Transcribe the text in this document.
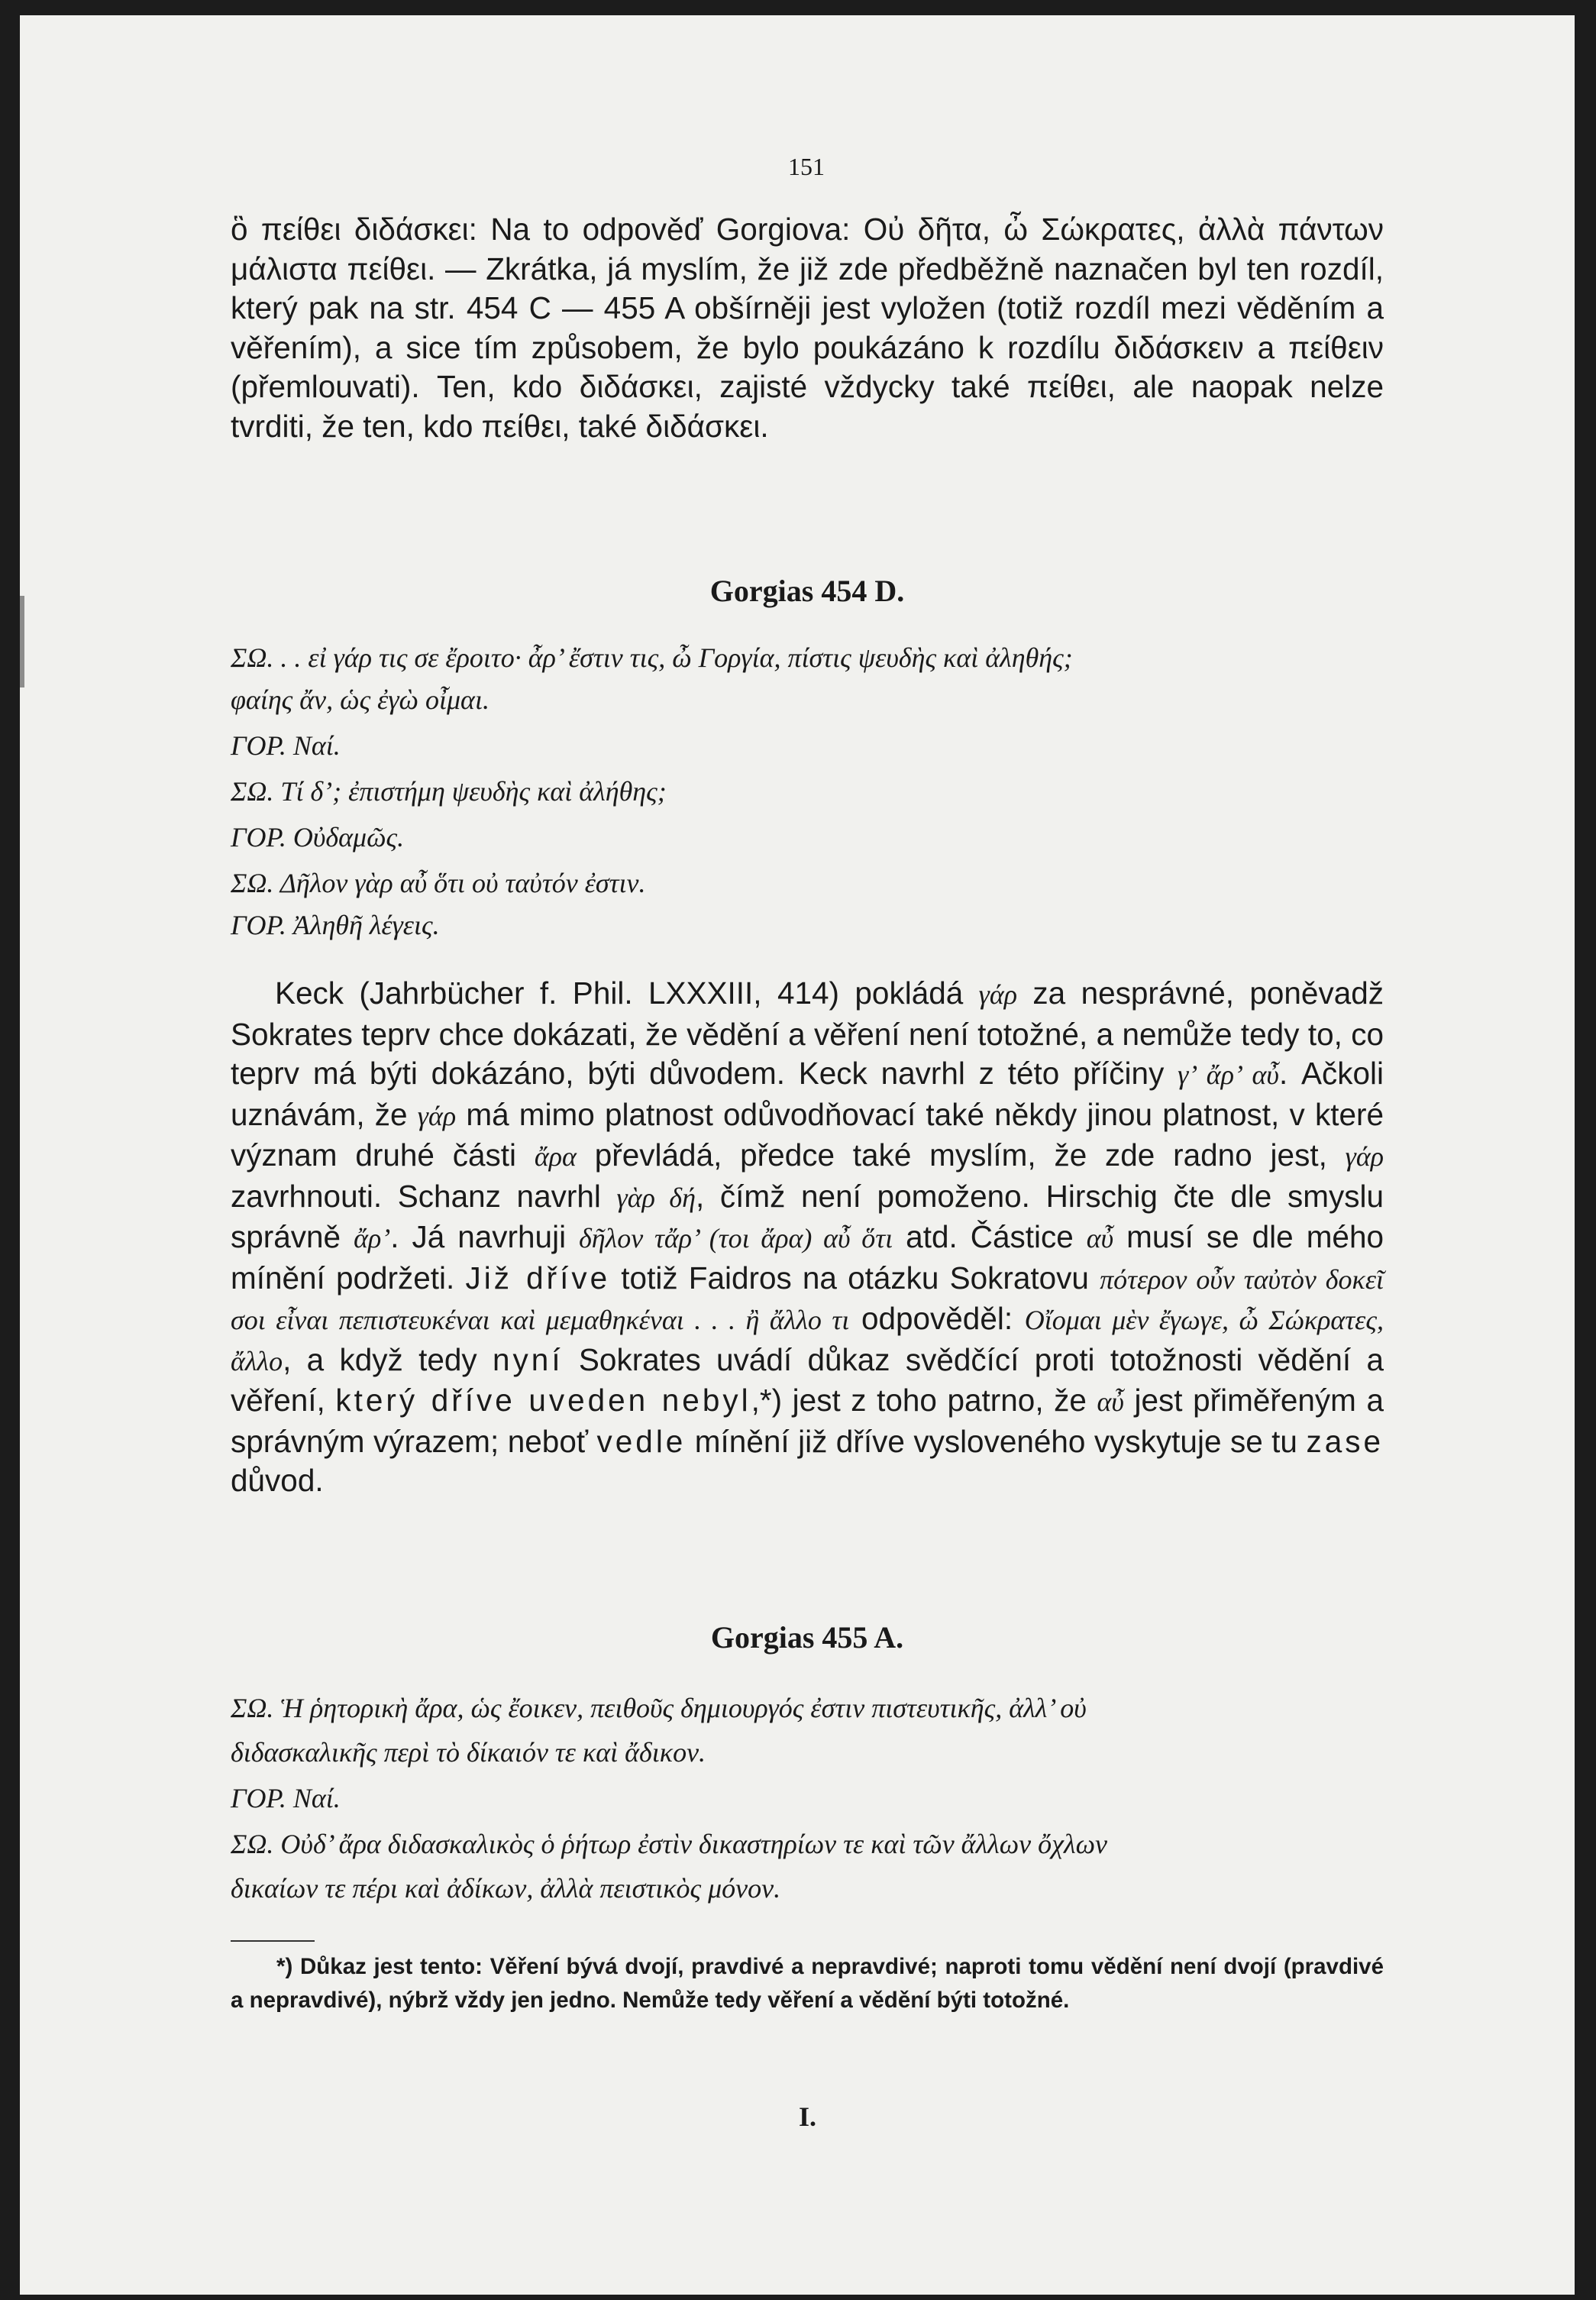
151

ὃ πείθει διδάσκει: Na to odpověď Gorgiova: Οὐ δῆτα, ὦ Σώκρατες, ἀλλὰ πάντων μάλιστα πείθει. — Zkrátka, já myslím, že již zde předběžně naznačen byl ten rozdíl, který pak na str. 454 C — 455 A obšírněji jest vyložen (totiž rozdíl mezi věděním a věřením), a sice tím způsobem, že bylo poukázáno k rozdílu διδάσκειν a πείθειν (přemlouvati). Ten, kdo διδάσκει, zajisté vždycky také πείθει, ale naopak nelze tvrditi, že ten, kdo πείθει, také διδάσκει.

Gorgias 454 D.
ΣΩ. . . εἰ γάρ τις σε ἔροιτο· ἆρ’ ἔστιν τις, ὦ Γοργία, πίστις ψευδὴς καὶ ἀληθής;
φαίης ἄν, ὡς ἐγὼ οἶμαι.
ΓΟΡ. Ναί.
ΣΩ. Τί δ’; ἐπιστήμη ψευδὴς καὶ ἀλήθης;
ΓΟΡ. Οὐδαμῶς.
ΣΩ. Δῆλον γὰρ αὖ ὅτι οὐ ταὐτόν ἐστιν.
ΓΟΡ. Ἀληθῆ λέγεις.

Keck (Jahrbücher f. Phil. LXXXIII, 414) pokládá γάρ za nesprávné, poněvadž Sokrates teprv chce dokázati, že vědění a věření není totožné, a nemůže tedy to, co teprv má býti dokázáno, býti důvodem. Keck navrhl z této příčiny γ’ ἄρ’ αὖ. Ačkoli uznávám, že γάρ má mimo platnost odůvodňovací také někdy jinou platnost, v které význam druhé části ἄρα převládá, předce také myslím, že zde radno jest, γάρ zavrhnouti. Schanz navrhl γὰρ δή, čímž není pomoženo. Hirschig čte dle smyslu správně ἄρ’. Já navrhuji δῆλον τἄρ’ (τοι ἄρα) αὖ ὅτι atd. Částice αὖ musí se dle mého mínění podržeti. Již dříve totiž Faidros na otázku Sokratovu πότερον οὖν ταὐτὸν δοκεῖ σοι εἶναι πεπιστευκέναι καὶ μεμαθηκέναι . . . ἢ ἄλλο τι odpověděl: Οἴομαι μὲν ἔγωγε, ὦ Σώκρατες, ἄλλο, a když tedy nyní Sokrates uvádí důkaz svědčící proti totožnosti vědění a věření, který dříve uveden nebyl,*) jest z toho patrno, že αὖ jest přiměřeným a správným výrazem; neboť vedle mínění již dříve vysloveného vyskytuje se tu zase důvod.

Gorgias 455 A.
ΣΩ. Ἡ ῥητορικὴ ἄρα, ὡς ἔοικεν, πειθοῦς δημιουργός ἐστιν πιστευτικῆς, ἀλλ’ οὐ
διδασκαλικῆς περὶ τὸ δίκαιόν τε καὶ ἄδικον.
ΓΟΡ. Ναί.
ΣΩ. Οὐδ’ ἄρα διδασκαλικὸς ὁ ῥήτωρ ἐστὶν δικαστηρίων τε καὶ τῶν ἄλλων ὄχλων
δικαίων τε πέρι καὶ ἀδίκων, ἀλλὰ πειστικὸς μόνον.

*) Důkaz jest tento: Věření bývá dvojí, pravdivé a nepravdivé; naproti tomu vědění není dvojí (pravdivé a nepravdivé), nýbrž vždy jen jedno. Nemůže tedy věření a vědění býti totožné.

I.
